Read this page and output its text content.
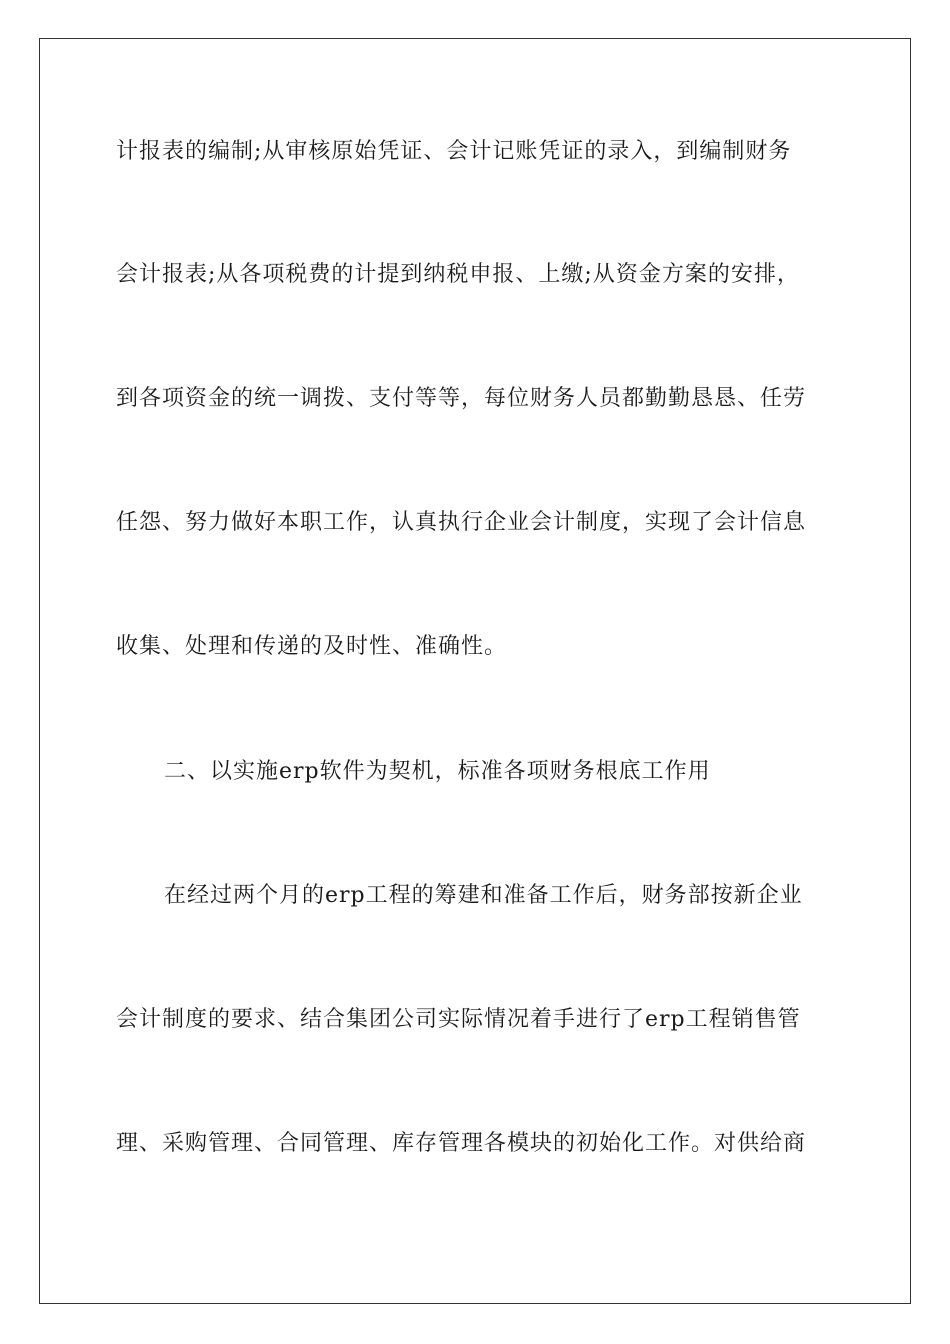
计报表的编制;从审核原始凭证、会计记账凭证的录入，到编制财务

会计报表;从各项税费的计提到纳税申报、上缴;从资金方案的安排，

到各项资金的统一调拨、支付等等，每位财务人员都勤勤恳恳、任劳

任怨、努力做好本职工作，认真执行企业会计制度，实现了会计信息

收集、处理和传递的及时性、准确性。

二、以实施erp软件为契机，标准各项财务根底工作用

在经过两个月的erp工程的筹建和准备工作后，财务部按新企业

会计制度的要求、结合集团公司实际情况着手进行了erp工程销售管

理、采购管理、合同管理、库存管理各模块的初始化工作。对供给商
